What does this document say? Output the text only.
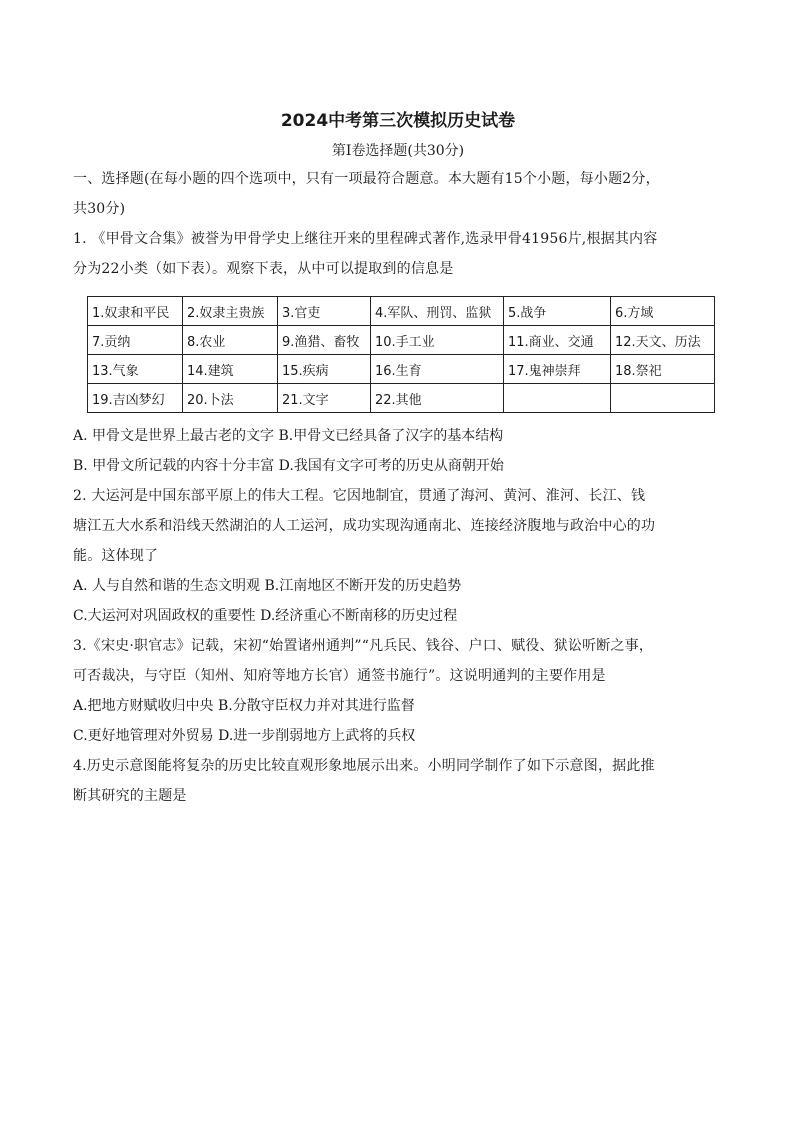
2024中考第三次模拟历史试卷
第Ⅰ卷选择题(共30分)
一、选择题(在每小题的四个选项中，只有一项最符合题意。本大题有15个小题，每小题2分，
共30分)
1. 《甲骨文合集》被誉为甲骨学史上继往开来的里程碑式著作,选录甲骨41956片,根据其内容
分为22小类（如下表）。观察下表，从中可以提取到的信息是
1.奴隶和平民	2.奴隶主贵族	3.官吏	4.军队、刑罚、监狱	5.战争	6.方域
7.贡纳	8.农业	9.渔猎、畜牧	10.手工业	11.商业、交通	12.天文、历法
13.气象	14.建筑	15.疾病	16.生育	17.鬼神崇拜	18.祭祀
19.吉凶梦幻	20.卜法	21.文字	22.其他		
A. 甲骨文是世界上最古老的文字 B.甲骨文已经具备了汉字的基本结构
B. 甲骨文所记载的内容十分丰富 D.我国有文字可考的历史从商朝开始
2. 大运河是中国东部平原上的伟大工程。它因地制宜，贯通了海河、黄河、淮河、长江、钱
塘江五大水系和沿线天然湖泊的人工运河，成功实现沟通南北、连接经济腹地与政治中心的功
能。这体现了
A. 人与自然和谐的生态文明观 B.江南地区不断开发的历史趋势
C.大运河对巩固政权的重要性 D.经济重心不断南移的历史过程
3.《宋史·职官志》记载，宋初“始置诸州通判”“凡兵民、钱谷、户口、赋役、狱讼听断之事，
可否裁决，与守臣（知州、知府等地方长官）通签书施行”。这说明通判的主要作用是
A.把地方财赋收归中央 B.分散守臣权力并对其进行监督
C.更好地管理对外贸易 D.进一步削弱地方上武将的兵权
4.历史示意图能将复杂的历史比较直观形象地展示出来。小明同学制作了如下示意图，据此推
断其研究的主题是
